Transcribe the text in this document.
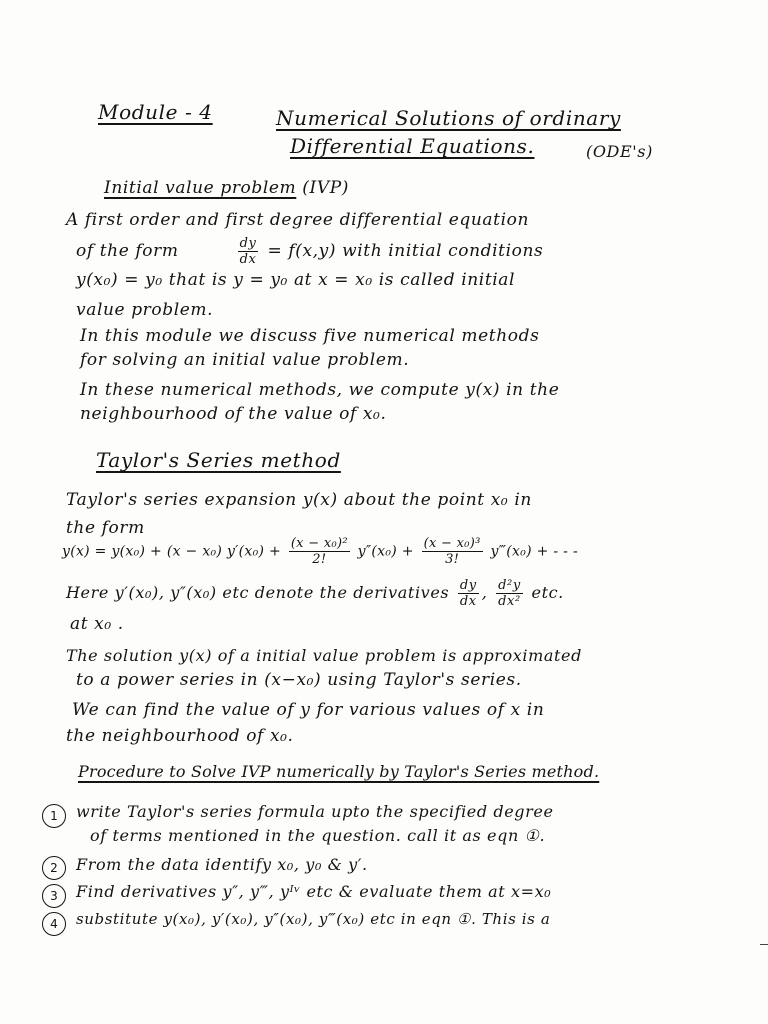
Module - 4	Numerical Solutions of ordinary
Differential Equations.	(ODE's)
Initial value problem (IVP)
A first order and first degree differential equation
of the form	$\frac{dy}{dx} = f(x,y)$ with initial conditions
y(x₀) = y₀ that is y = y₀ at x = x₀ is called initial
value problem.
In this module we discuss five numerical methods
for solving an initial value problem.
In these numerical methods, we compute y(x) in the
neighbourhood of the value of x₀.
Taylor's Series method
Taylor's series expansion y(x) about the point x₀ in
the form
y(x) = y(x₀) + (x − x₀) $y'(x_0) + \frac{\text{(x − x₀)²}}{2!} y''(x_0) + \frac{\text{(x − x₀)³}}{3!}$ y‴(x₀) + - - -
Here y′(x₀), y″(x₀) etc denote the derivatives $\frac{dy}{dx}$ , $\frac{\text{d²y}}{\text{dx²}}$ etc.
at x₀ .
The solution y(x) of a initial value problem is approximated
to a power series in (x−x₀) using Taylor's series.
We can find the value of y for various values of x in
the neighbourhood of x₀.
Procedure to Solve IVP numerically by Taylor's Series method.
1	write Taylor's series formula upto the specified degree
of terms mentioned in the question. call it as eqn ①.
2	From the data identify x₀, y₀ & y′.
3	Find derivatives y″, y‴, yᴵᵛ etc & evaluate them at x=x₀
4	substitute y(x₀), y′(x₀), y″(x₀), y‴(x₀) etc in eqn ①. This is a
